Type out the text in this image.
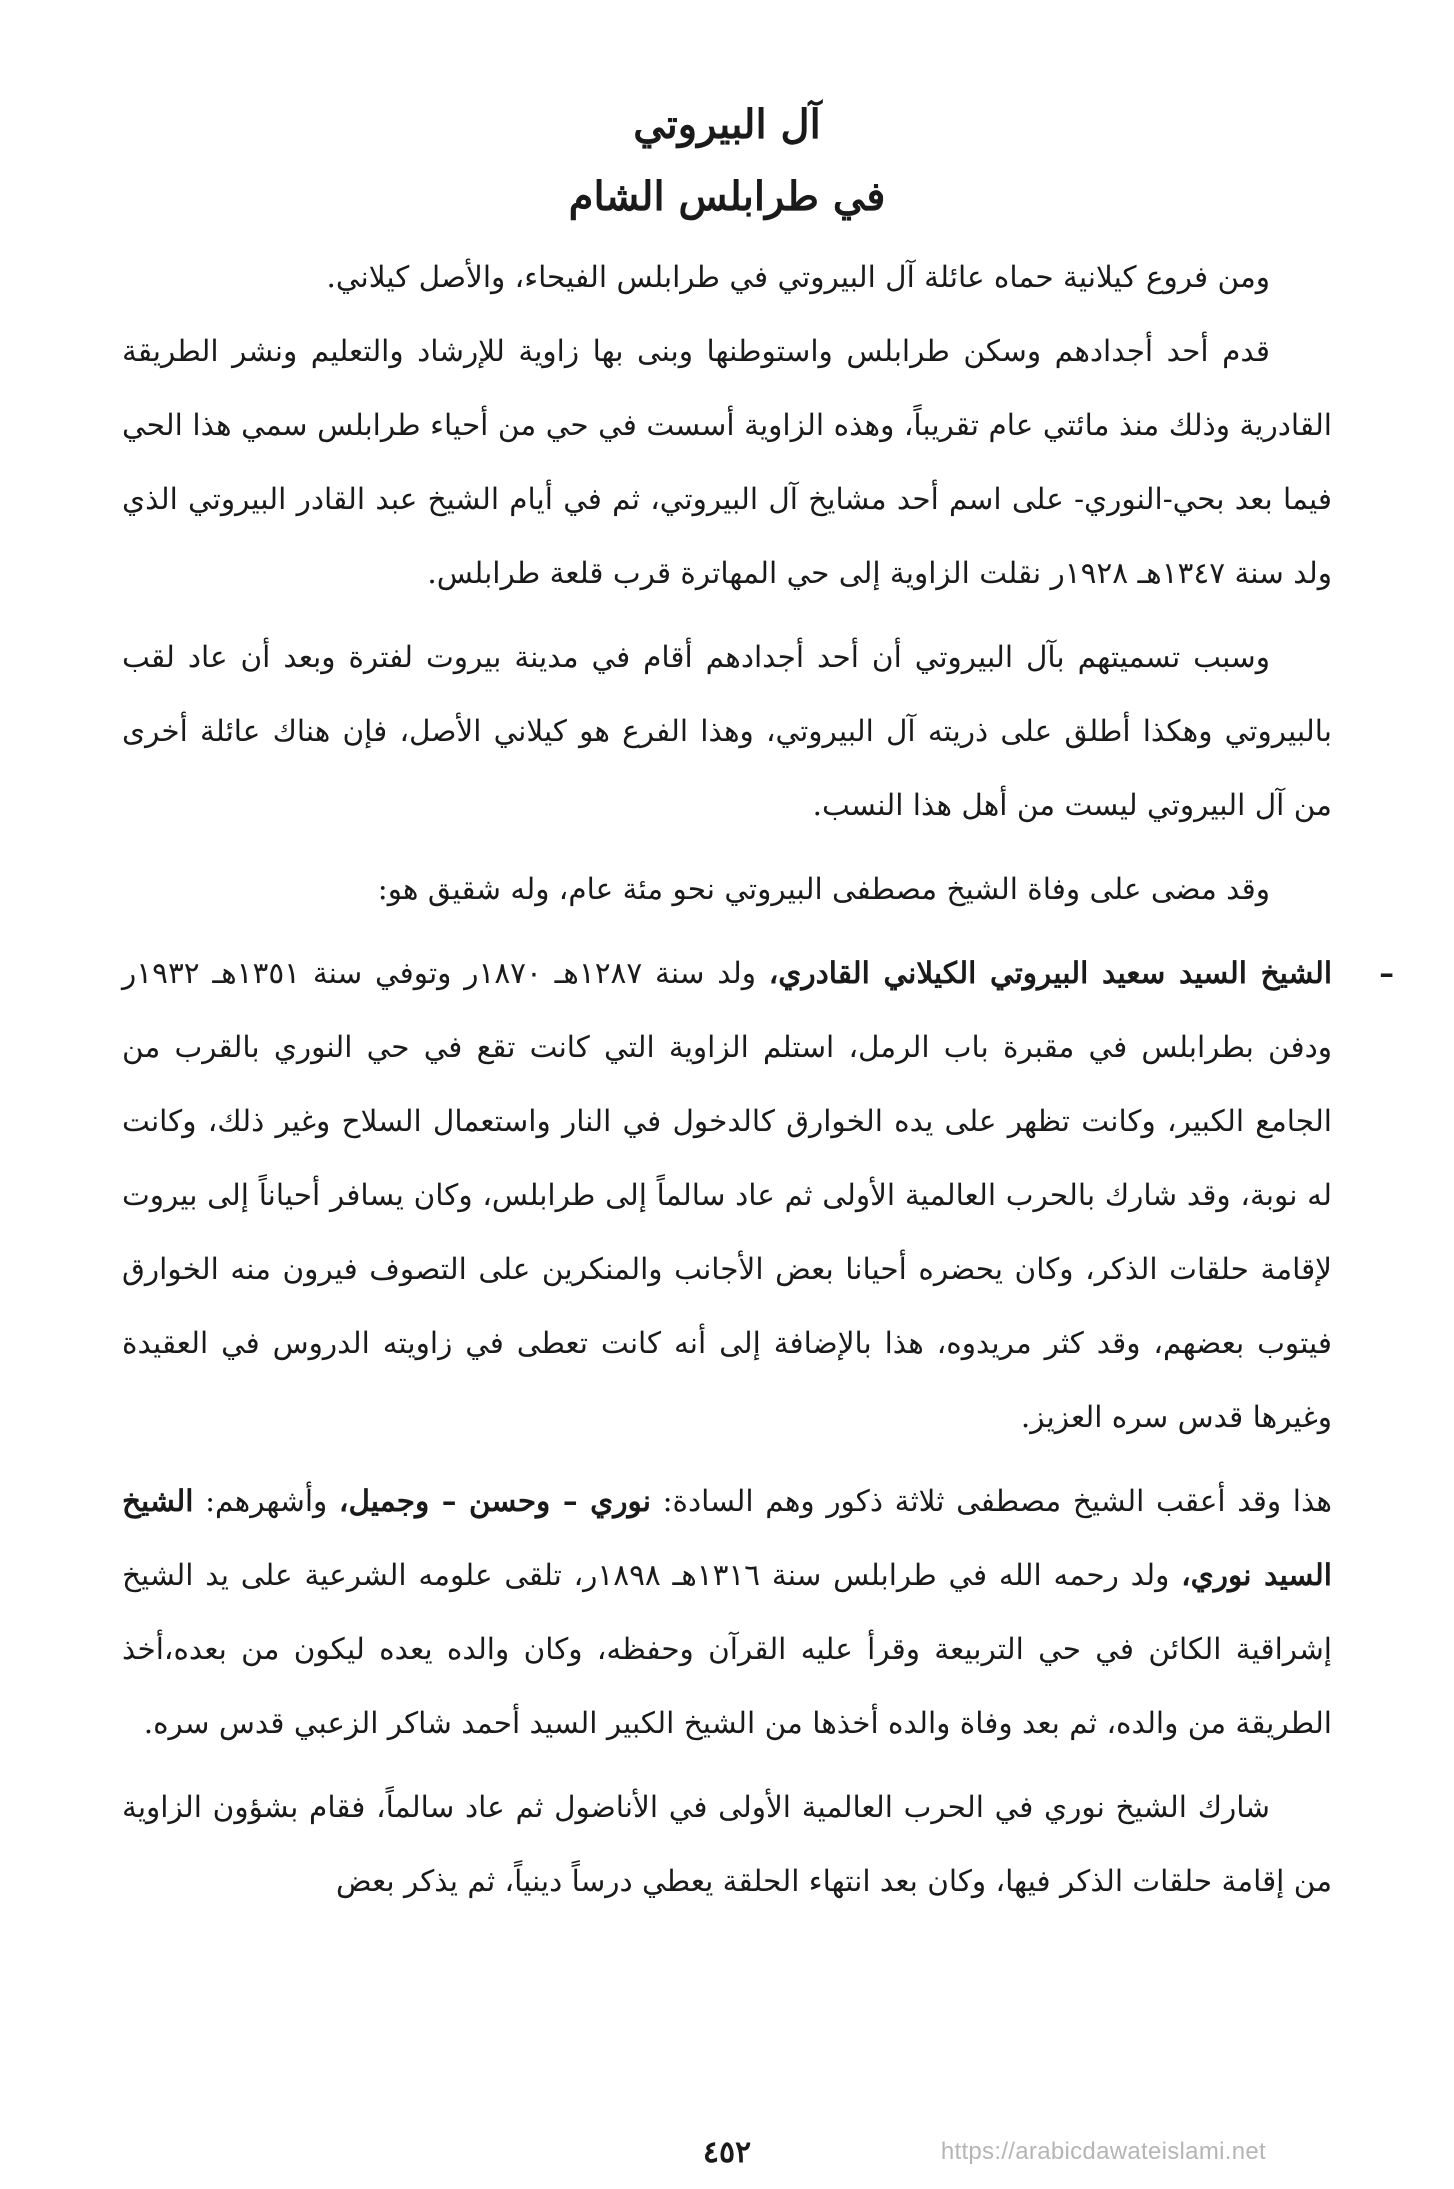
آل البيروتي
في طرابلس الشام

ومن فروع كيلانية حماه عائلة آل البيروتي في طرابلس الفيحاء، والأصل كيلاني.

قدم أحد أجدادهم وسكن طرابلس واستوطنها وبنى بها زاوية للإرشاد والتعليم ونشر الطريقة القادرية وذلك منذ مائتي عام تقريباً، وهذه الزاوية أسست في حي من أحياء طرابلس سمي هذا الحي فيما بعد بحي-النوري- على اسم أحد مشايخ آل البيروتي، ثم في أيام الشيخ عبد القادر البيروتي الذي ولد سنة ١٣٤٧هـ ١٩٢٨ر نقلت الزاوية إلى حي المهاترة قرب قلعة طرابلس.

وسبب تسميتهم بآل البيروتي أن أحد أجدادهم أقام في مدينة بيروت لفترة وبعد أن عاد لقب بالبيروتي وهكذا أطلق على ذريته آل البيروتي، وهذا الفرع هو كيلاني الأصل، فإن هناك عائلة أخرى من آل البيروتي ليست من أهل هذا النسب.

وقد مضى على وفاة الشيخ مصطفى البيروتي نحو مئة عام، وله شقيق هو:

–
الشيخ السيد سعيد البيروتي الكيلاني القادري، ولد سنة ١٢٨٧هـ ١٨٧٠ر وتوفي سنة ١٣٥١هـ ١٩٣٢ر ودفن بطرابلس في مقبرة باب الرمل، استلم الزاوية التي كانت تقع في حي النوري بالقرب من الجامع الكبير، وكانت تظهر على يده الخوارق كالدخول في النار واستعمال السلاح وغير ذلك، وكانت له نوبة، وقد شارك بالحرب العالمية الأولى ثم عاد سالماً إلى طرابلس، وكان يسافر أحياناً إلى بيروت لإقامة حلقات الذكر، وكان يحضره أحيانا بعض الأجانب والمنكرين على التصوف فيرون منه الخوارق فيتوب بعضهم، وقد كثر مريدوه، هذا بالإضافة إلى أنه كانت تعطى في زاويته الدروس في العقيدة وغيرها قدس سره العزيز.

هذا وقد أعقب الشيخ مصطفى ثلاثة ذكور وهم السادة: نوري – وحسن – وجميل، وأشهرهم: الشيخ السيد نوري، ولد رحمه الله في طرابلس سنة ١٣١٦هـ ١٨٩٨ر، تلقى علومه الشرعية على يد الشيخ إشراقية الكائن في حي التربيعة وقرأ عليه القرآن وحفظه، وكان والده يعده ليكون من بعده،أخذ الطريقة من والده، ثم بعد وفاة والده أخذها من الشيخ الكبير السيد أحمد شاكر الزعبي قدس سره.

شارك الشيخ نوري في الحرب العالمية الأولى في الأناضول ثم عاد سالماً، فقام بشؤون الزاوية من إقامة حلقات الذكر فيها، وكان بعد انتهاء الحلقة يعطي درساً دينياً، ثم يذكر بعض

٤٥٢	https://arabicdawateislami.net
